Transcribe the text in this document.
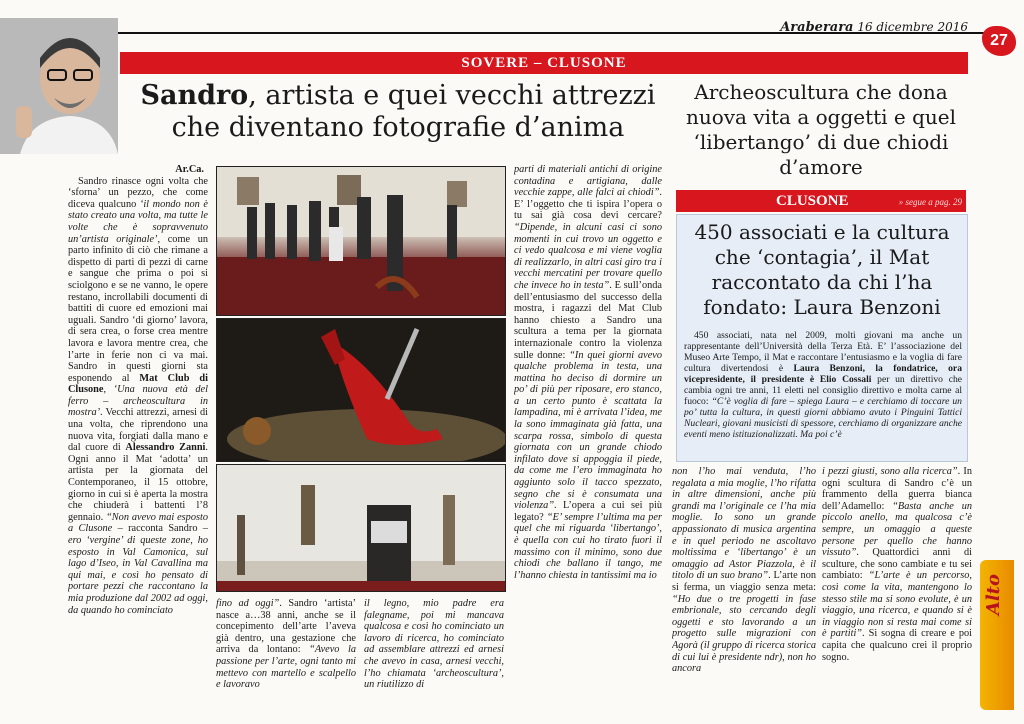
Araberara 16 dicembre 2016
27
SOVERE – CLUSONE
Sandro, artista e quei vecchi attrezzi che diventano fotografie d’anima
Archeoscultura che dona nuova vita a oggetti e quel ‘libertango’ di due chiodi d’amore
CLUSONE	» segue a pag. 29
450 associati e la cultura che ‘contagia’, il Mat raccontato da chi l’ha fondato: Laura Benzoni

450 associati, nata nel 2009, molti giovani ma anche un rappresentante dell’Università della Terza Età. E’ l’associazione del Museo Arte Tempo, il Mat e raccontare l’entusiasmo e la voglia di fare cultura divertendosi è Laura Benzoni, la fondatrice, ora vicepresidente, il presidente è Elio Cossali per un direttivo che cambia ogni tre anni, 11 eletti nel consiglio direttivo e molta carne al fuoco: “C’è voglia di fare – spiega Laura – e cerchiamo di toccare un po’ tutta la cultura, in questi giorni abbiamo avuto i Pinguini Tattici Nucleari, giovani musicisti di spessore, cerchiamo di organizzare anche eventi meno istituzionalizzati. Ma poi c’è

Ar.Ca.

Sandro rinasce ogni volta che ‘sforna’ un pezzo, che come diceva qualcuno ‘il mondo non è stato creato una volta, ma tutte le volte che è sopravvenuto un’artista originale’, come un parto infinito di ciò che rimane a dispetto di parti di pezzi di carne e sangue che prima o poi si sciolgono e se ne vanno, le opere restano, incrollabili documenti di battiti di cuore ed emozioni mai uguali. Sandro ‘di giorno’ lavora, di sera crea, o forse crea mentre lavora e lavora mentre crea, che l’arte in ferie non ci va mai. Sandro in questi giorni sta esponendo al Mat Club di Clusone, ‘Una nuova età del ferro – archeoscultura in mostra’. Vecchi attrezzi, arnesi di una volta, che riprendono una nuova vita, forgiati dalla mano e dal cuore di Alessandro Zanni. Ogni anno il Mat ‘adotta’ un artista per la giornata del Contemporaneo, il 15 ottobre, giorno in cui si è aperta la mostra che chiuderà i battenti l’8 gennaio. “Non avevo mai esposto a Clusone – racconta Sandro – ero ‘vergine’ di queste zone, ho esposto in Val Camonica, sul lago d’Iseo, in Val Cavallina ma qui mai, e così ho pensato di portare pezzi che raccontano la mia produzione dal 2002 ad oggi, da quando ho cominciato

fino ad oggi”. Sandro ‘artista’ nasce a…38 anni, anche se il concepimento dell’arte l’aveva già dentro, una gestazione che arriva da lontano: “Avevo la passione per l’arte, ogni tanto mi mettevo con martello e scalpello e lavoravo

il legno, mio padre era falegname, poi mi mancava qualcosa e così ho cominciato un lavoro di ricerca, ho cominciato ad assemblare attrezzi ed arnesi che avevo in casa, arnesi vecchi, l’ho chiamata ‘archeoscultura’, un riutilizzo di

parti di materiali antichi di origine contadina e artigiana, dalle vecchie zappe, alle falci ai chiodi”. E’ l’oggetto che ti ispira l’opera o tu sai già cosa devi cercare? “Dipende, in alcuni casi ci sono momenti in cui trovo un oggetto e ci vedo qualcosa e mi viene voglia di realizzarlo, in altri casi giro tra i vecchi mercatini per trovare quello che invece ho in testa”. E sull’onda dell’entusiasmo del successo della mostra, i ragazzi del Mat Club hanno chiesto a Sandro una scultura a tema per la giornata internazionale contro la violenza sulle donne: “In quei giorni avevo qualche problema in testa, una mattina ho deciso di dormire un po’ di più per riposare, ero stanco, a un certo punto è scattata la lampadina, mi è arrivata l’idea, me la sono immaginata già fatta, una scarpa rossa, simbolo di questa giornata con un grande chiodo infilato dove si appoggia il piede, da come me l’ero immaginata ho aggiunto solo il tacco spezzato, segno che si è consumata una violenza”. L’opera a cui sei più legato? “E’ sempre l’ultima ma per quel che mi riguarda ‘libertango’, è quella con cui ho tirato fuori il massimo con il minimo, sono due chiodi che ballano il tango, me l’hanno chiesta in tantissimi ma io

non l’ho mai venduta, l’ho regalata a mia moglie, l’ho rifatta in altre dimensioni, anche più grandi ma l’originale ce l’ha mia moglie. Io sono un grande appassionato di musica argentina e in quel periodo ne ascoltavo moltissima e ‘libertango’ è un omaggio ad Astor Piazzola, è il titolo di un suo brano”. L’arte non si ferma, un viaggio senza meta: “Ho due o tre progetti in fase embrionale, sto cercando degli oggetti e sto lavorando a un progetto sulle migrazioni con Agorà (il gruppo di ricerca storica di cui lui è presidente ndr), non ho ancora

i pezzi giusti, sono alla ricerca”. In ogni scultura di Sandro c’è un frammento della guerra bianca dell’Adamello: “Basta anche un piccolo anello, ma qualcosa c’è sempre, un omaggio a queste persone per quello che hanno vissuto”. Quattordici anni di sculture, che sono cambiate e tu sei cambiato: “L’arte è un percorso, così come la vita, mantengono lo stesso stile ma si sono evolute, è un viaggio, una ricerca, e quando si è in viaggio non si resta mai come si è partiti”. Si sogna di creare e poi capita che qualcuno crei il proprio sogno.

Alto
